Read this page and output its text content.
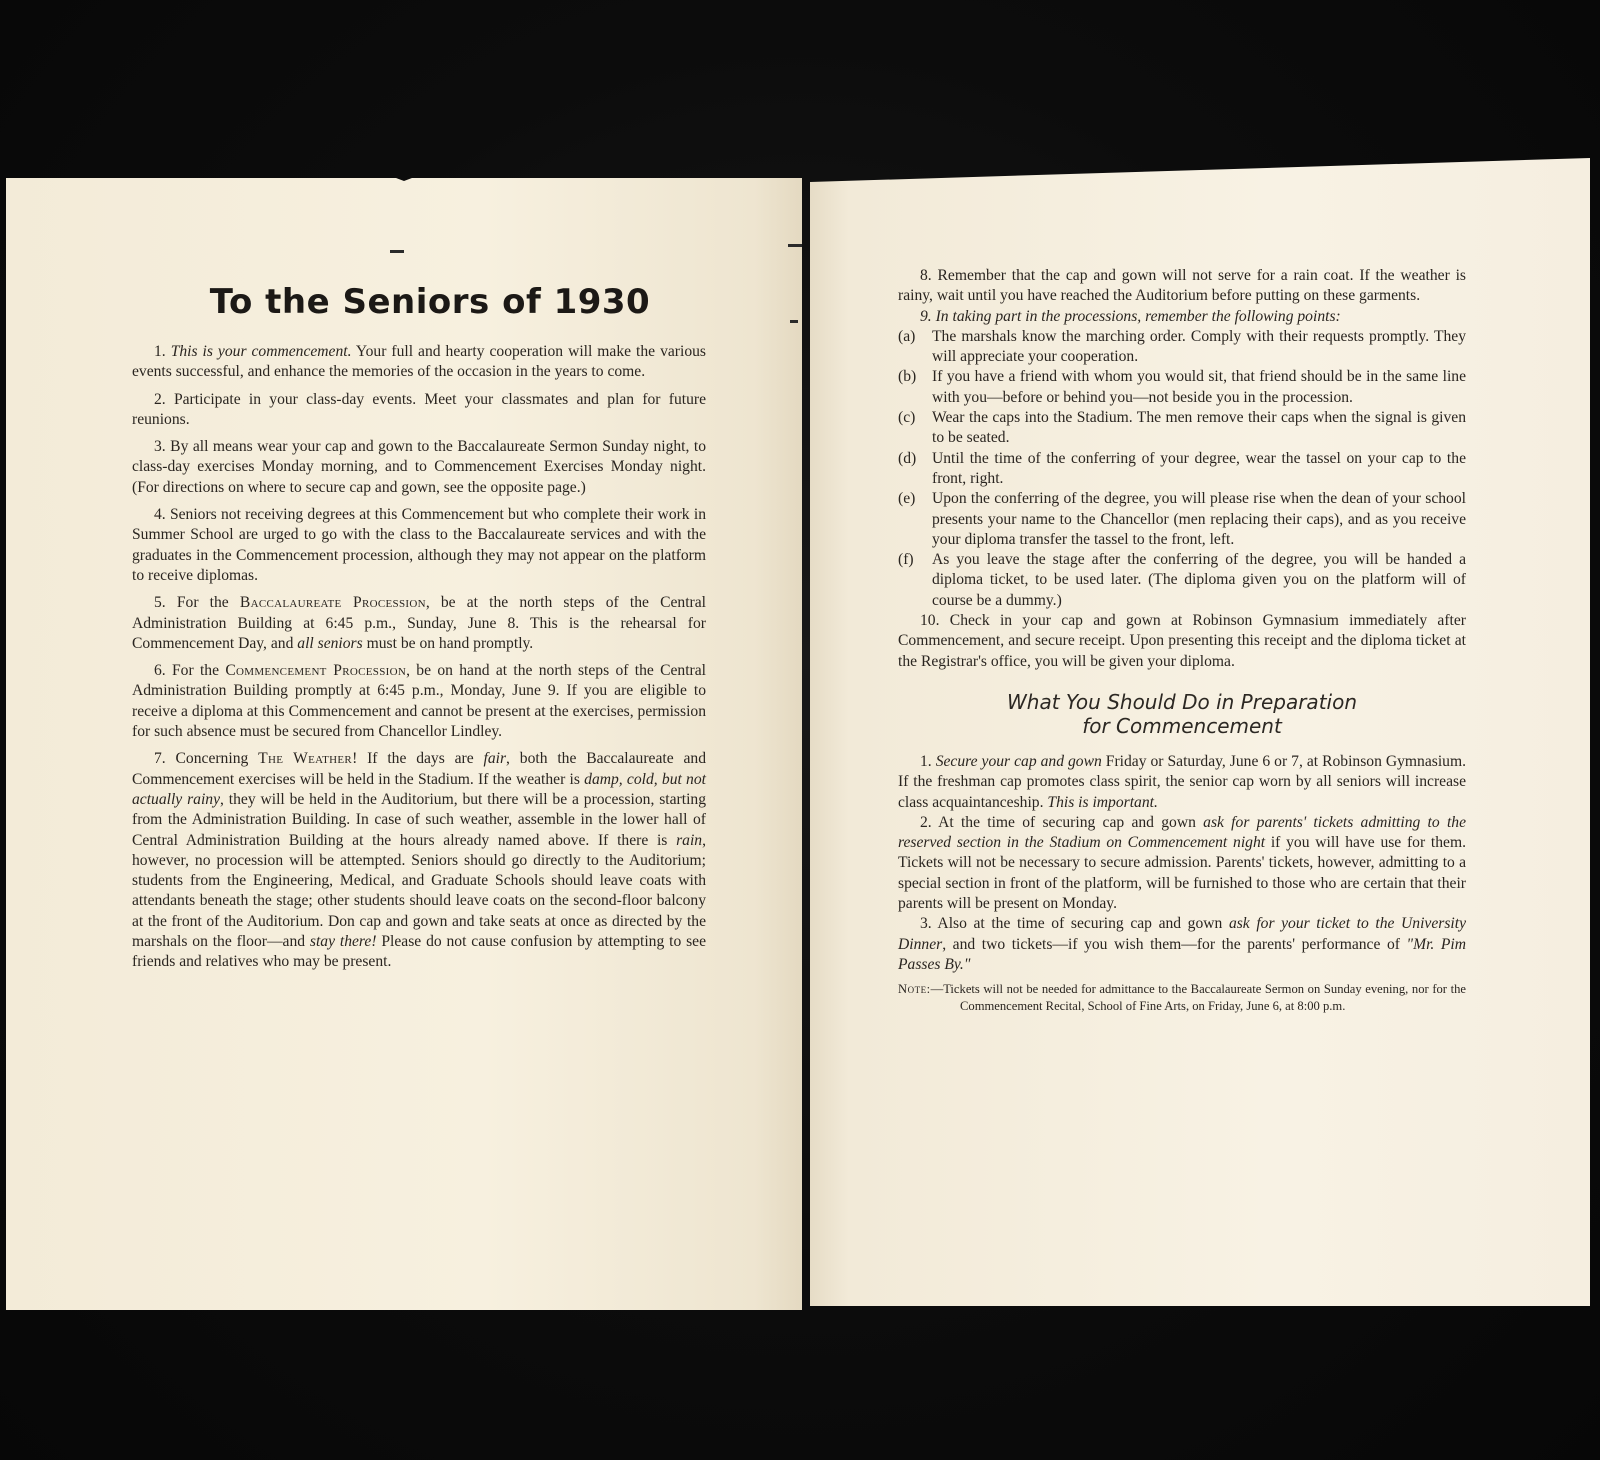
To the Seniors of 1930

1. This is your commencement. Your full and hearty cooperation will make the various events successful, and enhance the memories of the occasion in the years to come.

2. Participate in your class-day events. Meet your classmates and plan for future reunions.

3. By all means wear your cap and gown to the Baccalaureate Sermon Sunday night, to class-day exercises Monday morning, and to Commencement Exercises Monday night. (For directions on where to secure cap and gown, see the opposite page.)

4. Seniors not receiving degrees at this Commencement but who complete their work in Summer School are urged to go with the class to the Baccalaureate services and with the graduates in the Commencement procession, although they may not appear on the platform to receive diplomas.

5. For the Baccalaureate Procession, be at the north steps of the Central Administration Building at 6:45 p.m., Sunday, June 8. This is the rehearsal for Commencement Day, and all seniors must be on hand promptly.

6. For the Commencement Procession, be on hand at the north steps of the Central Administration Building promptly at 6:45 p.m., Monday, June 9. If you are eligible to receive a diploma at this Commencement and cannot be present at the exercises, permission for such absence must be secured from Chancellor Lindley.

7. Concerning The Weather! If the days are fair, both the Baccalaureate and Commencement exercises will be held in the Stadium. If the weather is damp, cold, but not actually rainy, they will be held in the Auditorium, but there will be a procession, starting from the Administration Building. In case of such weather, assemble in the lower hall of Central Administration Building at the hours already named above. If there is rain, however, no procession will be attempted. Seniors should go directly to the Auditorium; students from the Engineering, Medical, and Graduate Schools should leave coats with attendants beneath the stage; other students should leave coats on the second-floor balcony at the front of the Auditorium. Don cap and gown and take seats at once as directed by the marshals on the floor—and stay there! Please do not cause confusion by attempting to see friends and relatives who may be present.

8. Remember that the cap and gown will not serve for a rain coat. If the weather is rainy, wait until you have reached the Auditorium before putting on these garments.

9. In taking part in the processions, remember the following points:

(a)	The marshals know the marching order. Comply with their requests promptly. They will appreciate your cooperation.
(b)	If you have a friend with whom you would sit, that friend should be in the same line with you—before or behind you—not beside you in the procession.
(c)	Wear the caps into the Stadium. The men remove their caps when the signal is given to be seated.
(d)	Until the time of the conferring of your degree, wear the tassel on your cap to the front, right.
(e)	Upon the conferring of the degree, you will please rise when the dean of your school presents your name to the Chancellor (men replacing their caps), and as you receive your diploma transfer the tassel to the front, left.
(f)	As you leave the stage after the conferring of the degree, you will be handed a diploma ticket, to be used later. (The diploma given you on the platform will of course be a dummy.)

10. Check in your cap and gown at Robinson Gymnasium immediately after Commencement, and secure receipt. Upon presenting this receipt and the diploma ticket at the Registrar's office, you will be given your diploma.

What You Should Do in Preparation
for Commencement

1. Secure your cap and gown Friday or Saturday, June 6 or 7, at Robinson Gymnasium. If the freshman cap promotes class spirit, the senior cap worn by all seniors will increase class acquaintanceship. This is important.

2. At the time of securing cap and gown ask for parents' tickets admitting to the reserved section in the Stadium on Commencement night if you will have use for them. Tickets will not be necessary to secure admission. Parents' tickets, however, admitting to a special section in front of the platform, will be furnished to those who are certain that their parents will be present on Monday.

3. Also at the time of securing cap and gown ask for your ticket to the University Dinner, and two tickets—if you wish them—for the parents' performance of "Mr. Pim Passes By."

Note:—Tickets will not be needed for admittance to the Baccalaureate Sermon on Sunday evening, nor for the Commencement Recital, School of Fine Arts, on Friday, June 6, at 8:00 p.m.
